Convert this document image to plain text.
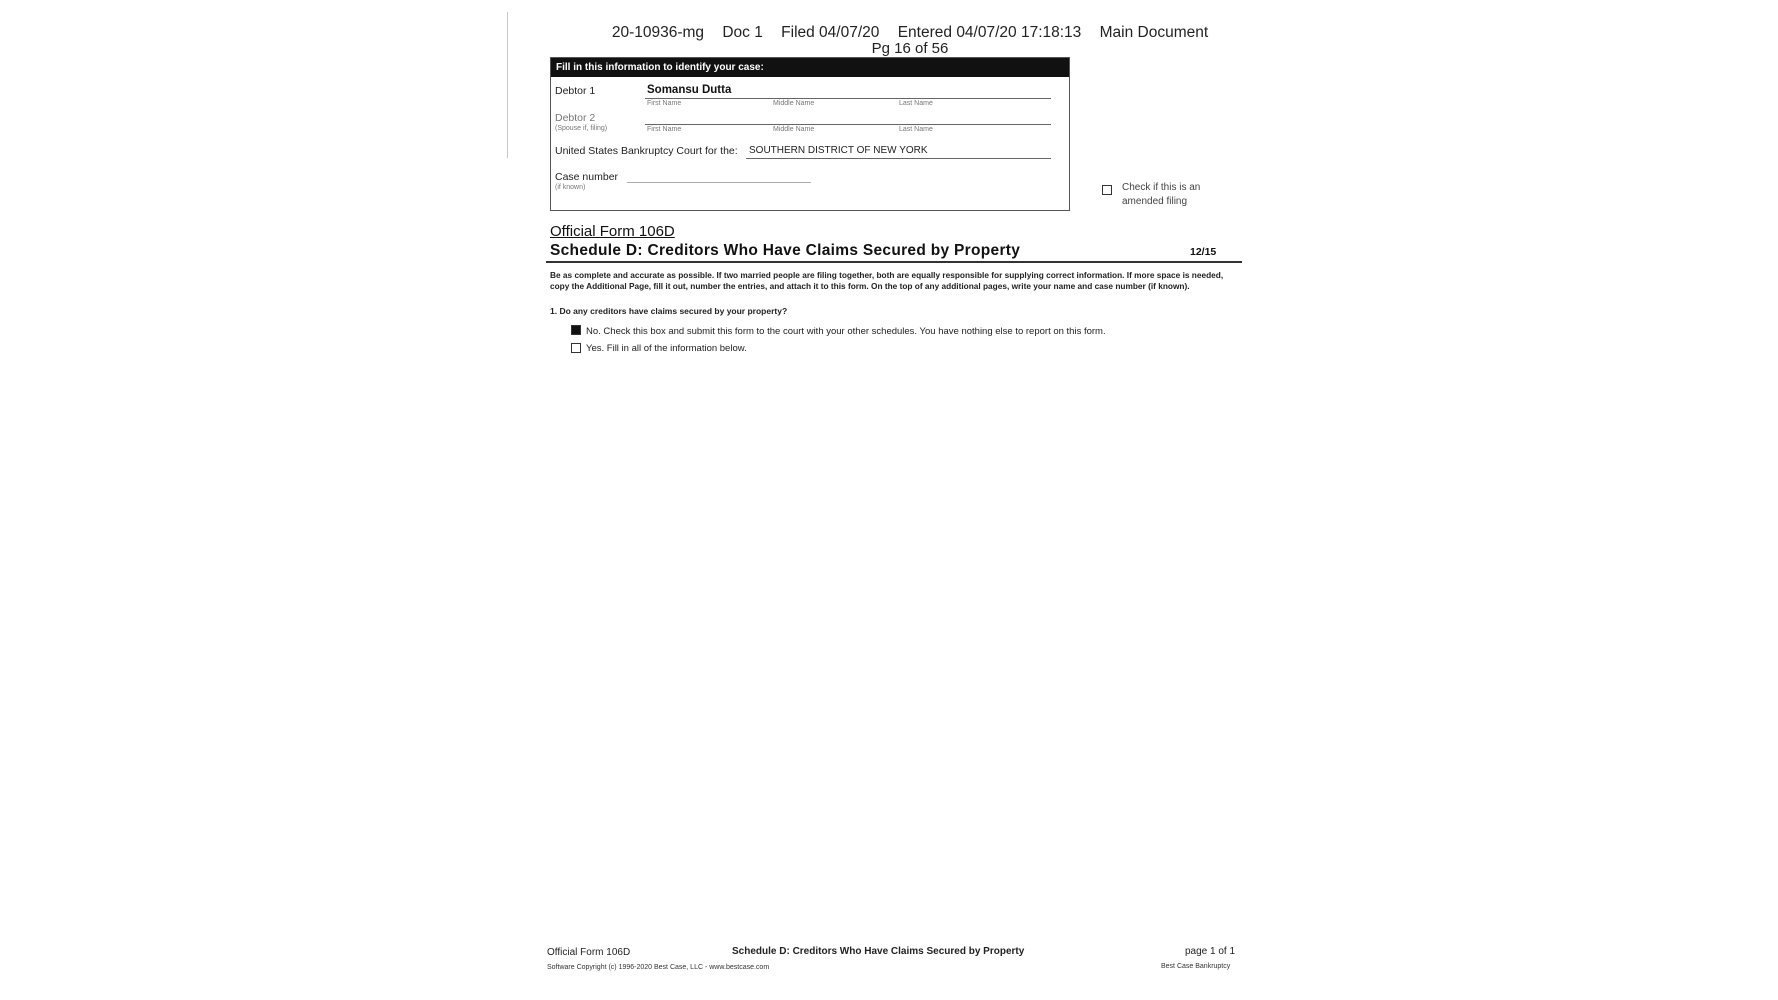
20-10936-mg Doc 1 Filed 04/07/20 Entered 04/07/20 17:18:13 Main Document
Pg 16 of 56
Fill in this information to identify your case:
Debtor 1	Somansu Dutta
First Name	Middle Name	Last Name
Debtor 2
(Spouse if, filing)	First Name	Middle Name	Last Name
United States Bankruptcy Court for the: SOUTHERN DISTRICT OF NEW YORK
Case number
(if known)	Check if this is an
amended filing
Official Form 106D
Schedule D: Creditors Who Have Claims Secured by Property	12/15
Be as complete and accurate as possible. If two married people are filing together, both are equally responsible for supplying correct information. If more space is needed, copy the Additional Page, fill it out, number the entries, and attach it to this form. On the top of any additional pages, write your name and case number (if known).
1. Do any creditors have claims secured by your property?
No. Check this box and submit this form to the court with your other schedules. You have nothing else to report on this form.
Yes. Fill in all of the information below.
Official Form 106D	Schedule D: Creditors Who Have Claims Secured by Property	page 1 of 1
Software Copyright (c) 1996-2020 Best Case, LLC - www.bestcase.com	Best Case Bankruptcy
